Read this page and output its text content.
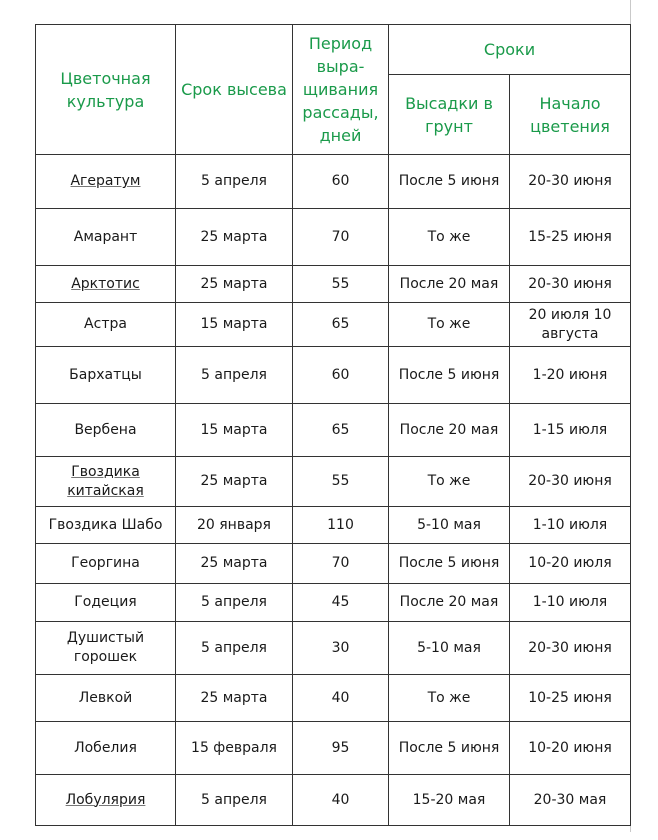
Цветочная культура	Срок высева	Период выра-щивания рассады, дней	Сроки	
			Высадки в грунт	Начало цветения
Агератум	5 апреля	60	После 5 июня	20-30 июня
Амарант	25 марта	70	То же	15-25 июня
Арктотис	25 марта	55	После 20 мая	20-30 июня
Астра	15 марта	65	То же	20 июля 10 августа
Бархатцы	5 апреля	60	После 5 июня	1-20 июня
Вербена	15 марта	65	После 20 мая	1-15 июля
Гвоздика китайская	25 марта	55	То же	20-30 июня
Гвоздика Шабо	20 января	110	5-10 мая	1-10 июля
Георгина	25 марта	70	После 5 июня	10-20 июля
Годеция	5 апреля	45	После 20 мая	1-10 июля
Душистый горошек	5 апреля	30	5-10 мая	20-30 июня
Левкой	25 марта	40	То же	10-25 июня
Лобелия	15 февраля	95	После 5 июня	10-20 июня
Лобулярия	5 апреля	40	15-20 мая	20-30 мая
